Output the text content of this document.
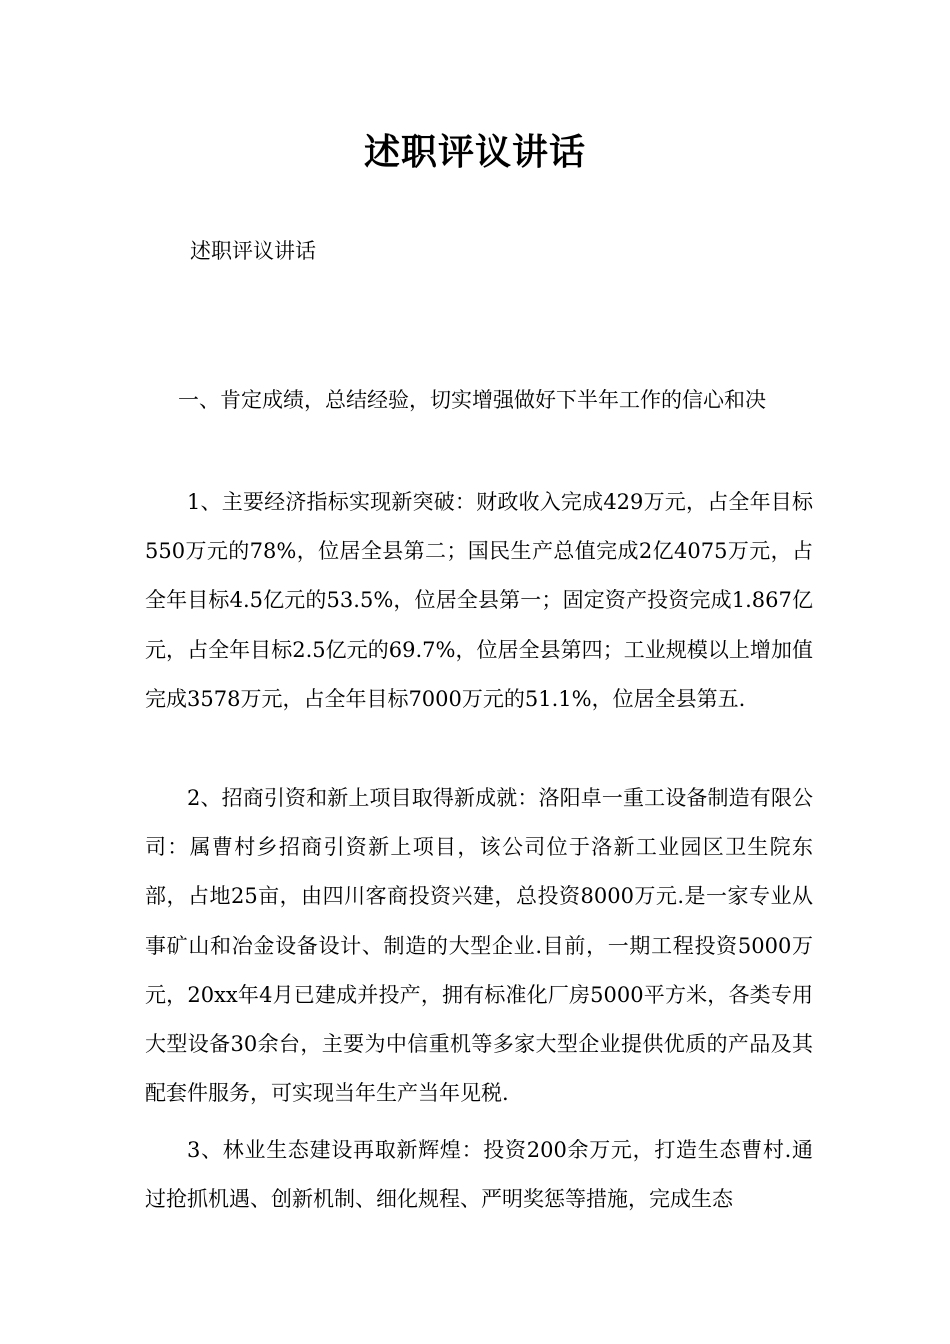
述职评议讲话
述职评议讲话
一、肯定成绩，总结经验，切实增强做好下半年工作的信心和决

1、主要经济指标实现新突破：财政收入完成429万元，占全年目标550万元的78%，位居全县第二；国民生产总值完成2亿4075万元，占全年目标4.5亿元的53.5%，位居全县第一；固定资产投资完成1.867亿元，占全年目标2.5亿元的69.7%，位居全县第四；工业规模以上增加值完成3578万元，占全年目标7000万元的51.1%，位居全县第五.

2、招商引资和新上项目取得新成就：洛阳卓一重工设备制造有限公司：属曹村乡招商引资新上项目，该公司位于洛新工业园区卫生院东部，占地25亩，由四川客商投资兴建，总投资8000万元.是一家专业从事矿山和冶金设备设计、制造的大型企业.目前，一期工程投资5000万元，20xx年4月已建成并投产，拥有标准化厂房5000平方米，各类专用大型设备30余台，主要为中信重机等多家大型企业提供优质的产品及其配套件服务，可实现当年生产当年见税.

3、林业生态建设再取新辉煌：投资200余万元，打造生态曹村.通过抢抓机遇、创新机制、细化规程、严明奖惩等措施，完成生态
